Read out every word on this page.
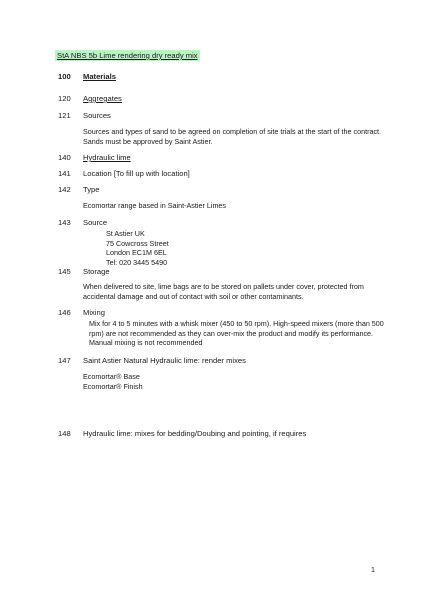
StA NBS 5b Lime rendering dry ready mix
100 Materials
120 Aggregates
121 Sources
Sources and types of sand to be agreed on completion of site trials at the start of the contract. Sands must be approved by Saint Astier.
140 Hydraulic lime
141 Location [To fill up with location]
142 Type
Ecomortar range based in Saint-Astier Limes
143 Source
St Astier UK
75 Cowcross Street
London EC1M 6EL
Tel: 020 3445 5490
145 Storage
When delivered to site, lime bags are to be stored on pallets under cover, protected from accidental damage and out of contact with soil or other contaminants.
146 Mixing
Mix for 4 to 5 minutes with a whisk mixer (450 to 50 rpm). High-speed mixers (more than 500 rpm) are not recommended as they can over-mix the product and modify its performance. Manual mixing is not recommended
147 Saint Astier Natural Hydraulic lime: render mixes
Ecomortar® Base
Ecomortar® Finish
148 Hydraulic lime: mixes for bedding/Doubing and pointing, if requires
1
